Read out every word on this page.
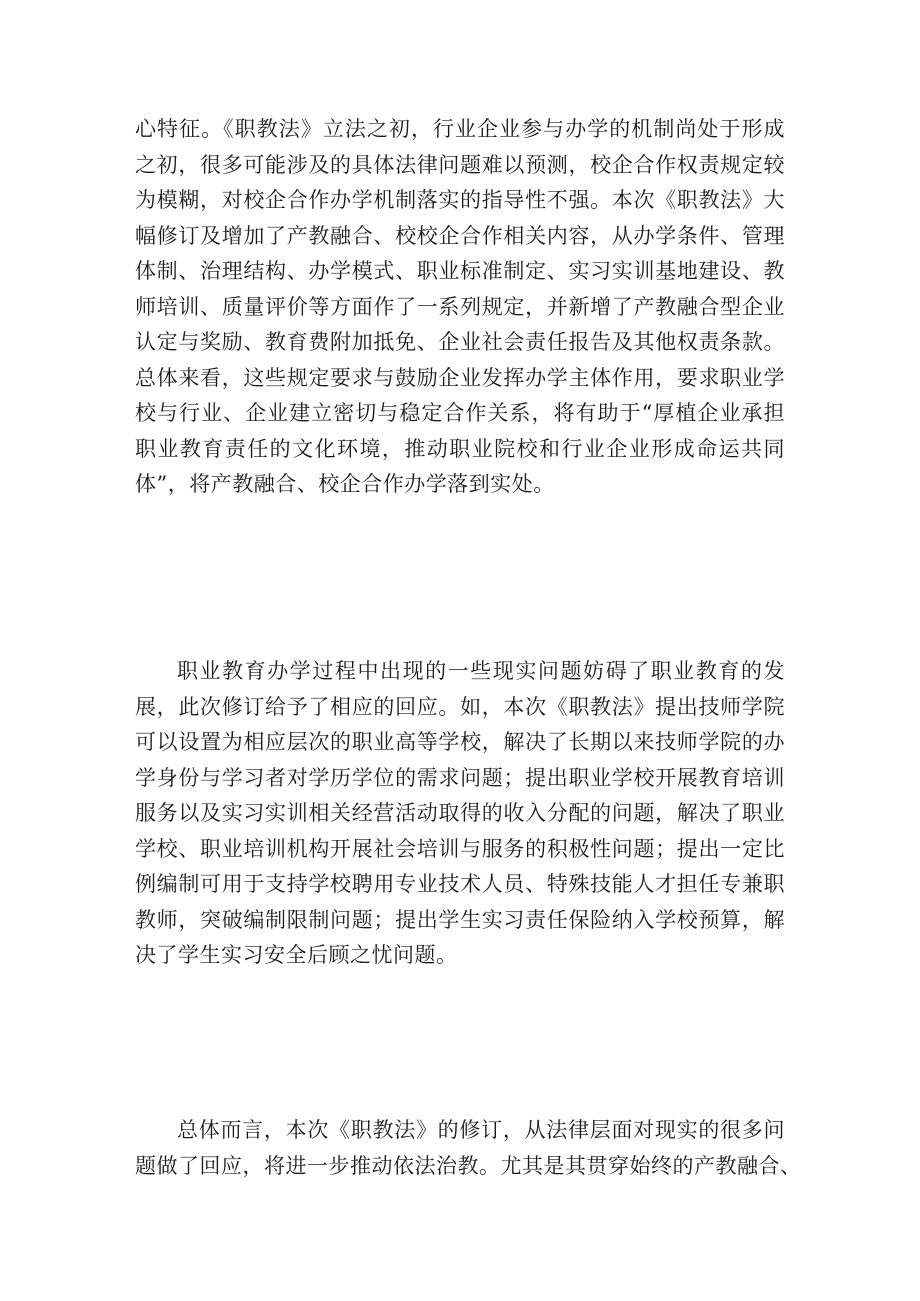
心特征。《职教法》立法之初，行业企业参与办学的机制尚处于形成
之初，很多可能涉及的具体法律问题难以预测，校企合作权责规定较
为模糊，对校企合作办学机制落实的指导性不强。本次《职教法》大
幅修订及增加了产教融合、校校企合作相关内容，从办学条件、管理
体制、治理结构、办学模式、职业标准制定、实习实训基地建设、教
师培训、质量评价等方面作了一系列规定，并新增了产教融合型企业
认定与奖励、教育费附加抵免、企业社会责任报告及其他权责条款。
总体来看，这些规定要求与鼓励企业发挥办学主体作用，要求职业学
校与行业、企业建立密切与稳定合作关系，将有助于“厚植企业承担
职业教育责任的文化环境，推动职业院校和行业企业形成命运共同
体”，将产教融合、校企合作办学落到实处。
职业教育办学过程中出现的一些现实问题妨碍了职业教育的发
展，此次修订给予了相应的回应。如，本次《职教法》提出技师学院
可以设置为相应层次的职业高等学校，解决了长期以来技师学院的办
学身份与学习者对学历学位的需求问题；提出职业学校开展教育培训
服务以及实习实训相关经营活动取得的收入分配的问题，解决了职业
学校、职业培训机构开展社会培训与服务的积极性问题；提出一定比
例编制可用于支持学校聘用专业技术人员、特殊技能人才担任专兼职
教师，突破编制限制问题；提出学生实习责任保险纳入学校预算，解
决了学生实习安全后顾之忧问题。
总体而言，本次《职教法》的修订，从法律层面对现实的很多问
题做了回应，将进一步推动依法治教。尤其是其贯穿始终的产教融合、
